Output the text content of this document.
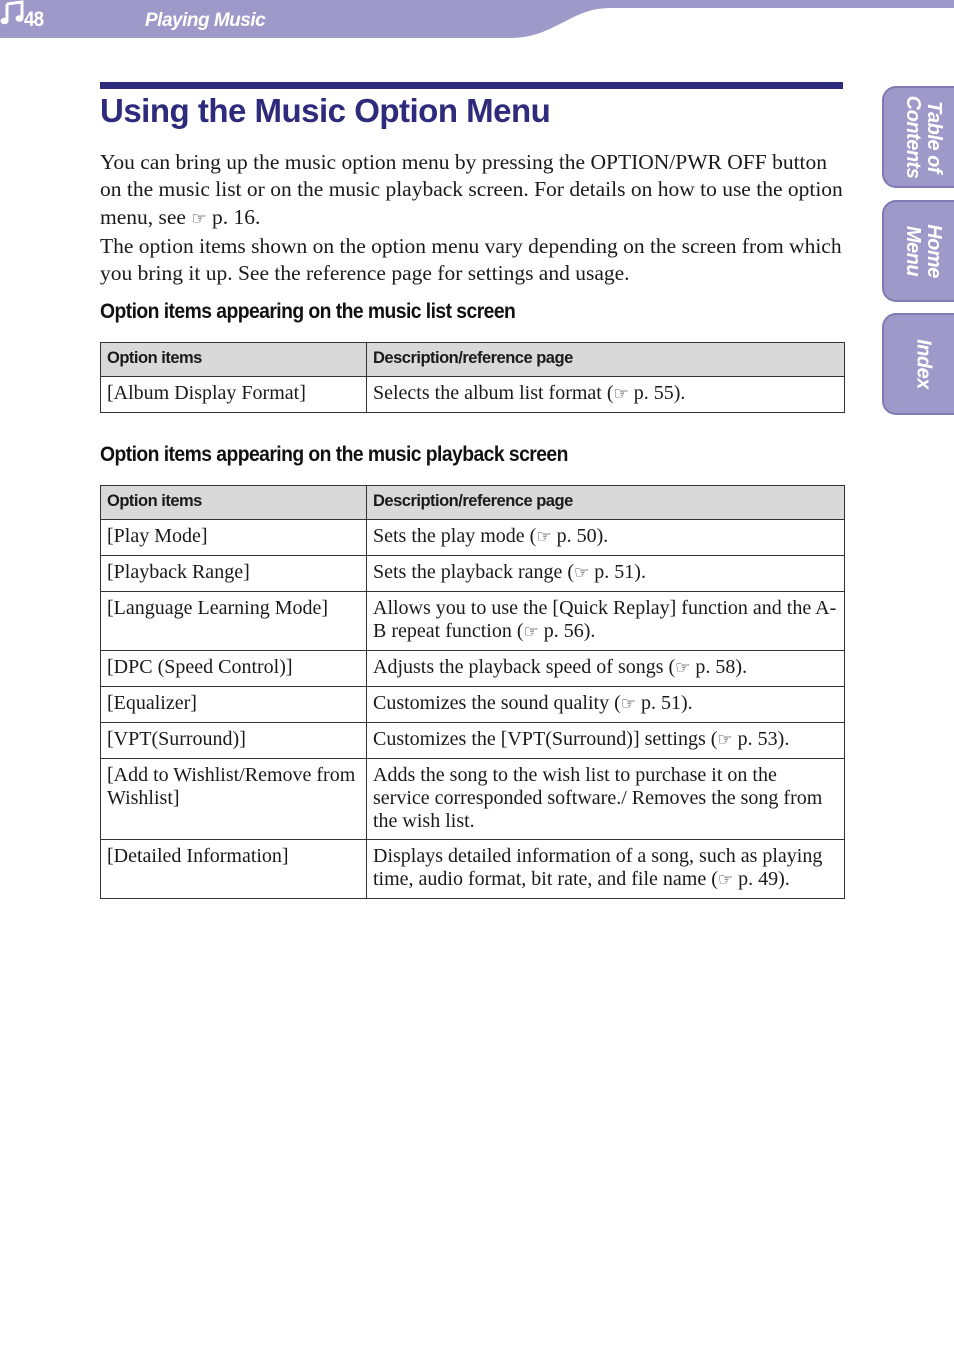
48	Playing Music
Table of
Contents
Home
Menu
Index
Using the Music Option Menu

You can bring up the music option menu by pressing the OPTION/PWR OFF button on the music list or on the music playback screen. For details on how to use the option menu, see ☞ p. 16.

The option items shown on the option menu vary depending on the screen from which you bring it up. See the reference page for settings and usage.

Option items appearing on the music list screen
Option items	Description/reference page
[Album Display Format]	Selects the album list format (☞ p. 55).
Option items appearing on the music playback screen
Option items	Description/reference page
[Play Mode]	Sets the play mode (☞ p. 50).
[Playback Range]	Sets the playback range (☞ p. 51).
[Language Learning Mode]	Allows you to use the [Quick Replay] function and the A-B repeat function (☞ p. 56).
[DPC (Speed Control)]	Adjusts the playback speed of songs (☞ p. 58).
[Equalizer]	Customizes the sound quality (☞ p. 51).
[VPT(Surround)]	Customizes the [VPT(Surround)] settings (☞ p. 53).
[Add to Wishlist/Remove from Wishlist]	Adds the song to the wish list to purchase it on the service corresponded software./ Removes the song from the wish list.
[Detailed Information]	Displays detailed information of a song, such as playing time, audio format, bit rate, and file name (☞ p. 49).
